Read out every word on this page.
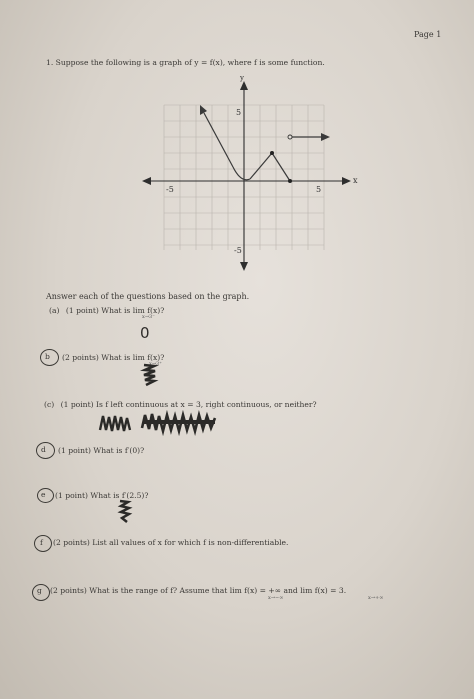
Page 1
1. Suppose the following is a graph of y = f(x), where f is some function.
x
y
-5	5
5
-5
Answer each of the questions based on the graph.
(a) (1 point) What is lim f(x)?
x→3⁻
0
b (2 points) What is lim f(x)?
x→3⁺
(c) (1 point) Is f left continuous at x = 3, right continuous, or neither?
d (1 point) What is f′(0)?
e (1 point) What is f′(2.5)?
f (2 points) List all values of x for which f is non-differentiable.
g (2 points) What is the range of f? Assume that lim f(x) = +∞ and lim f(x) = 3.
x→−∞	x→+∞
